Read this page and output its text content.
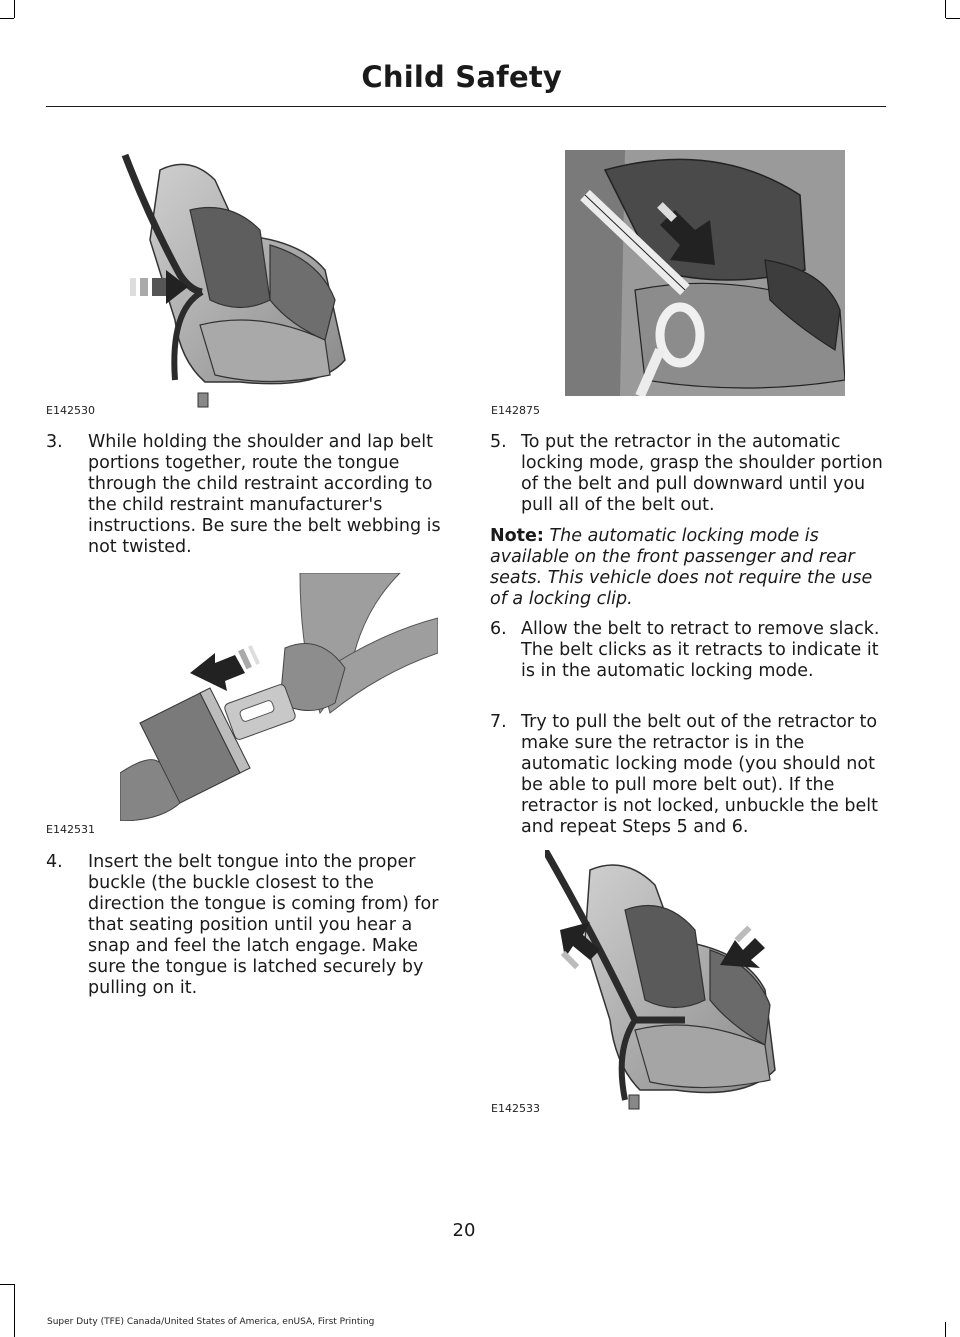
Child Safety
E142530	E142875
3. While holding the shoulder and lap belt portions together, route the tongue through the child restraint according to the child restraint manufacturer's instructions. Be sure the belt webbing is not twisted.
E142531
4. Insert the belt tongue into the proper buckle (the buckle closest to the direction the tongue is coming from) for that seating position until you hear a snap and feel the latch engage. Make sure the tongue is latched securely by pulling on it.
5. To put the retractor in the automatic locking mode, grasp the shoulder portion of the belt and pull downward until you pull all of the belt out.
Note: The automatic locking mode is available on the front passenger and rear seats. This vehicle does not require the use of a locking clip.
6. Allow the belt to retract to remove slack. The belt clicks as it retracts to indicate it is in the automatic locking mode.
7. Try to pull the belt out of the retractor to make sure the retractor is in the automatic locking mode (you should not be able to pull more belt out). If the retractor is not locked, unbuckle the belt and repeat Steps 5 and 6.
E142533
20
Super Duty (TFE) Canada/United States of America, enUSA, First Printing
